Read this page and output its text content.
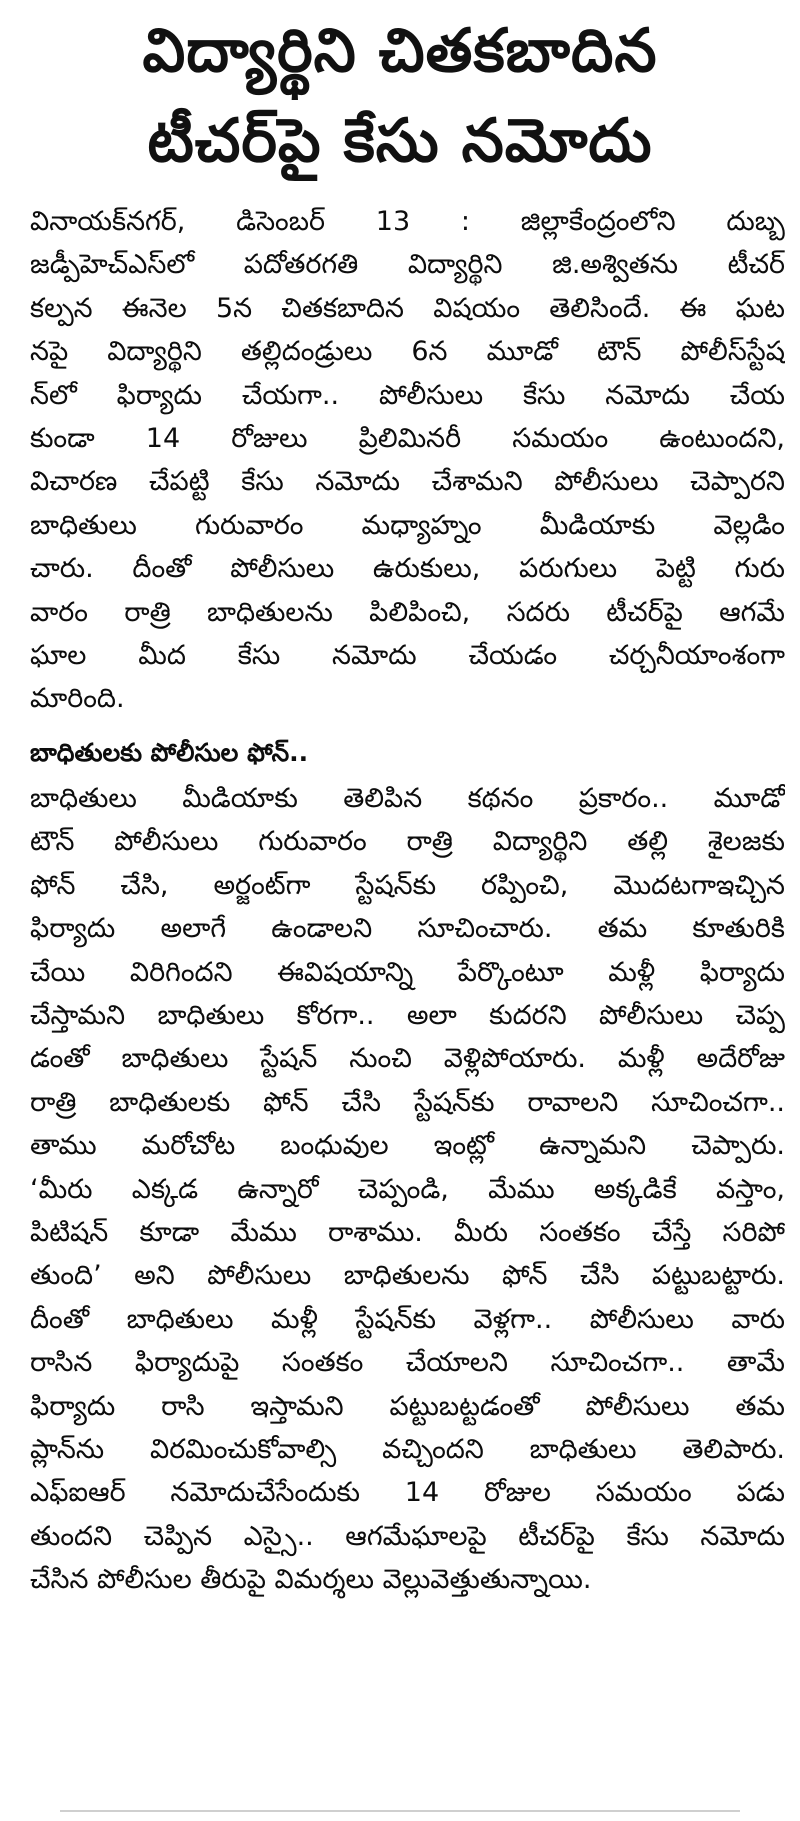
విద్యార్థిని చితకబాదిన
టీచర్‌పై కేసు నమోదు
వినాయక్‌నగర్, డిసెంబర్ 13 : జిల్లాకేంద్రంలోని దుబ్బ
జడ్పీహెచ్ఎస్‌లో పదోతరగతి విద్యార్థిని జి.అశ్వితను టీచర్
కల్పన ఈనెల 5న చితకబాదిన విషయం తెలిసిందే. ఈ ఘట
నపై విద్యార్థిని తల్లిదండ్రులు 6న మూడో టౌన్ పోలీస్‌స్టేష
న్‌లో ఫిర్యాదు చేయగా.. పోలీసులు కేసు నమోదు చేయ
కుండా 14 రోజులు ప్రిలిమినరీ సమయం ఉంటుందని,
విచారణ చేపట్టి కేసు నమోదు చేశామని పోలీసులు చెప్పారని
బాధితులు గురువారం మధ్యాహ్నం మీడియాకు వెల్లడిం
చారు. దీంతో పోలీసులు ఉరుకులు, పరుగులు పెట్టి గురు
వారం రాత్రి బాధితులను పిలిపించి, సదరు టీచర్‌పై ఆగమే
ఘాల మీద కేసు నమోదు చేయడం చర్చనీయాంశంగా
మారింది.
బాధితులకు పోలీసుల ఫోన్..
బాధితులు మీడియాకు తెలిపిన కథనం ప్రకారం.. మూడో
టౌన్ పోలీసులు గురువారం రాత్రి విద్యార్థిని తల్లి శైలజకు
ఫోన్ చేసి, అర్జంట్‌గా స్టేషన్‌కు రప్పించి, మొదటగాఇచ్చిన
ఫిర్యాదు అలాగే ఉండాలని సూచించారు. తమ కూతురికి
చేయి విరిగిందని ఈవిషయాన్ని పేర్కొంటూ మళ్లీ ఫిర్యాదు
చేస్తామని బాధితులు కోరగా.. అలా కుదరని పోలీసులు చెప్ప
డంతో బాధితులు స్టేషన్ నుంచి వెళ్లిపోయారు. మళ్లీ అదేరోజు
రాత్రి బాధితులకు ఫోన్ చేసి స్టేషన్‌కు రావాలని సూచించగా..
తాము మరోచోట బంధువుల ఇంట్లో ఉన్నామని చెప్పారు.
‘మీరు ఎక్కడ ఉన్నారో చెప్పండి, మేము అక్కడికే వస్తాం,
పిటిషన్ కూడా మేము రాశాము. మీరు సంతకం చేస్తే సరిపో
తుంది’ అని పోలీసులు బాధితులను ఫోన్ చేసి పట్టుబట్టారు.
దీంతో బాధితులు మళ్లీ స్టేషన్‌కు వెళ్లగా.. పోలీసులు వారు
రాసిన ఫిర్యాదుపై సంతకం చేయాలని సూచించగా.. తామే
ఫిర్యాదు రాసి ఇస్తామని పట్టుబట్టడంతో పోలీసులు తమ
ప్లాన్‌ను విరమించుకోవాల్సి వచ్చిందని బాధితులు తెలిపారు.
ఎఫ్ఐఆర్ నమోదుచేసేందుకు 14 రోజుల సమయం పడు
తుందని చెప్పిన ఎస్సై.. ఆగమేఘాలపై టీచర్‌పై కేసు నమోదు
చేసిన పోలీసుల తీరుపై విమర్శలు వెల్లువెత్తుతున్నాయి.
